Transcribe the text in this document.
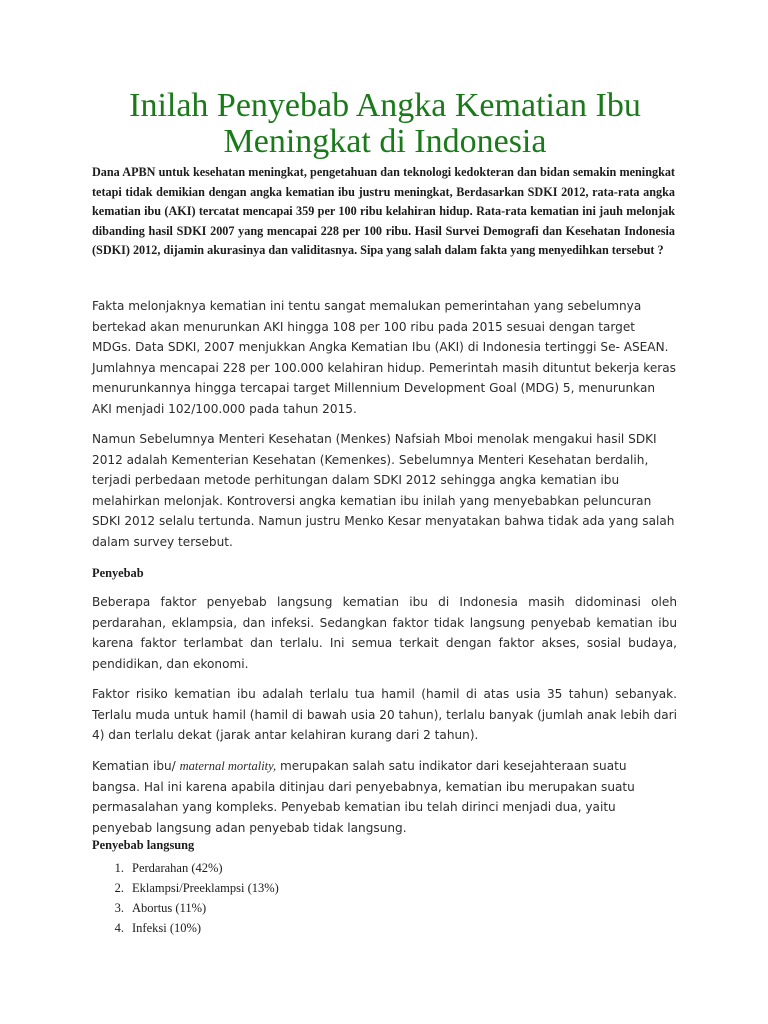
Inilah Penyebab Angka Kematian Ibu Meningkat di Indonesia

Dana APBN untuk kesehatan meningkat, pengetahuan dan teknologi kedokteran dan bidan semakin meningkat tetapi tidak demikian dengan angka kematian ibu justru meningkat, Berdasarkan SDKI 2012, rata-rata angka kematian ibu (AKI) tercatat mencapai 359 per 100 ribu kelahiran hidup. Rata-rata kematian ini jauh melonjak dibanding hasil SDKI 2007 yang mencapai 228 per 100 ribu. Hasil Survei Demografi dan Kesehatan Indonesia (SDKI) 2012, dijamin akurasinya dan validitasnya. Sipa yang salah dalam fakta yang menyedihkan tersebut ?

Fakta melonjaknya kematian ini tentu sangat memalukan pemerintahan yang sebelumnya bertekad akan menurunkan AKI hingga 108 per 100 ribu pada 2015 sesuai dengan target MDGs. Data SDKI, 2007 menjukkan Angka Kematian Ibu (AKI) di Indonesia tertinggi Se- ASEAN. Jumlahnya mencapai 228 per 100.000 kelahiran hidup. Pemerintah masih dituntut bekerja keras menurunkannya hingga tercapai target Millennium Development Goal (MDG) 5, menurunkan AKI menjadi 102/100.000 pada tahun 2015.

Namun Sebelumnya Menteri Kesehatan (Menkes) Nafsiah Mboi menolak mengakui hasil SDKI 2012 adalah Kementerian Kesehatan (Kemenkes). Sebelumnya Menteri Kesehatan berdalih, terjadi perbedaan metode perhitungan dalam SDKI 2012 sehingga angka kematian ibu melahirkan melonjak. Kontroversi angka kematian ibu inilah yang menyebabkan peluncuran SDKI 2012 selalu tertunda. Namun justru Menko Kesar menyatakan bahwa tidak ada yang salah dalam survey tersebut.

Penyebab

Beberapa faktor penyebab langsung kematian ibu di Indonesia masih didominasi oleh perdarahan, eklampsia, dan infeksi. Sedangkan faktor tidak langsung penyebab kematian ibu karena faktor terlambat dan terlalu. Ini semua terkait dengan faktor akses, sosial budaya, pendidikan, dan ekonomi.

Faktor risiko kematian ibu adalah terlalu tua hamil (hamil di atas usia 35 tahun) sebanyak. Terlalu muda untuk hamil (hamil di bawah usia 20 tahun), terlalu banyak (jumlah anak lebih dari 4) dan terlalu dekat (jarak antar kelahiran kurang dari 2 tahun).

Kematian ibu/ maternal mortality, merupakan salah satu indikator dari kesejahteraan suatu bangsa. Hal ini karena apabila ditinjau dari penyebabnya, kematian ibu merupakan suatu permasalahan yang kompleks. Penyebab kematian ibu telah dirinci menjadi dua, yaitu penyebab langsung adan penyebab tidak langsung.

Penyebab langsung
1. Perdarahan (42%)
2. Eklampsi/Preeklampsi (13%)
3. Abortus (11%)
4. Infeksi (10%)
